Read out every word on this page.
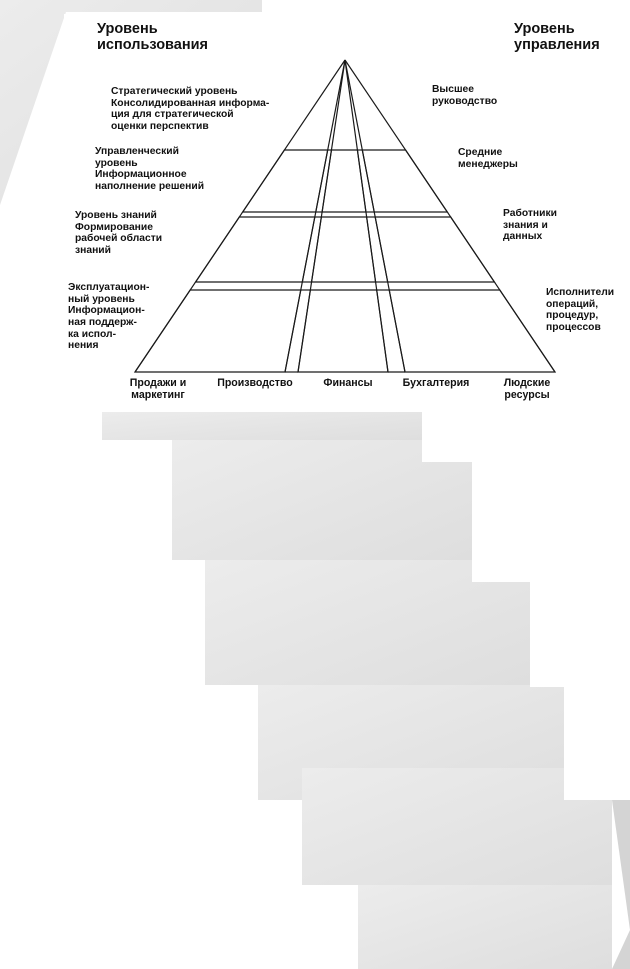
Уровень
использования
Уровень
управления
Стратегический уровень
Консолидированная информа-
ция для стратегической
оценки перспектив
Управленческий
уровень
Информационное
наполнение решений
Уровень знаний
Формирование
рабочей области
знаний
Эксплуатацион-
ный уровень
Информацион-
ная поддерж-
ка испол-
нения
Высшее
руководство
Средние
менеджеры
Работники
знания и
данных
Исполнители
операций,
процедур,
процессов
Продажи и
маркетинг
Производство	Финансы	Бухгалтерия	Людские
ресурсы
